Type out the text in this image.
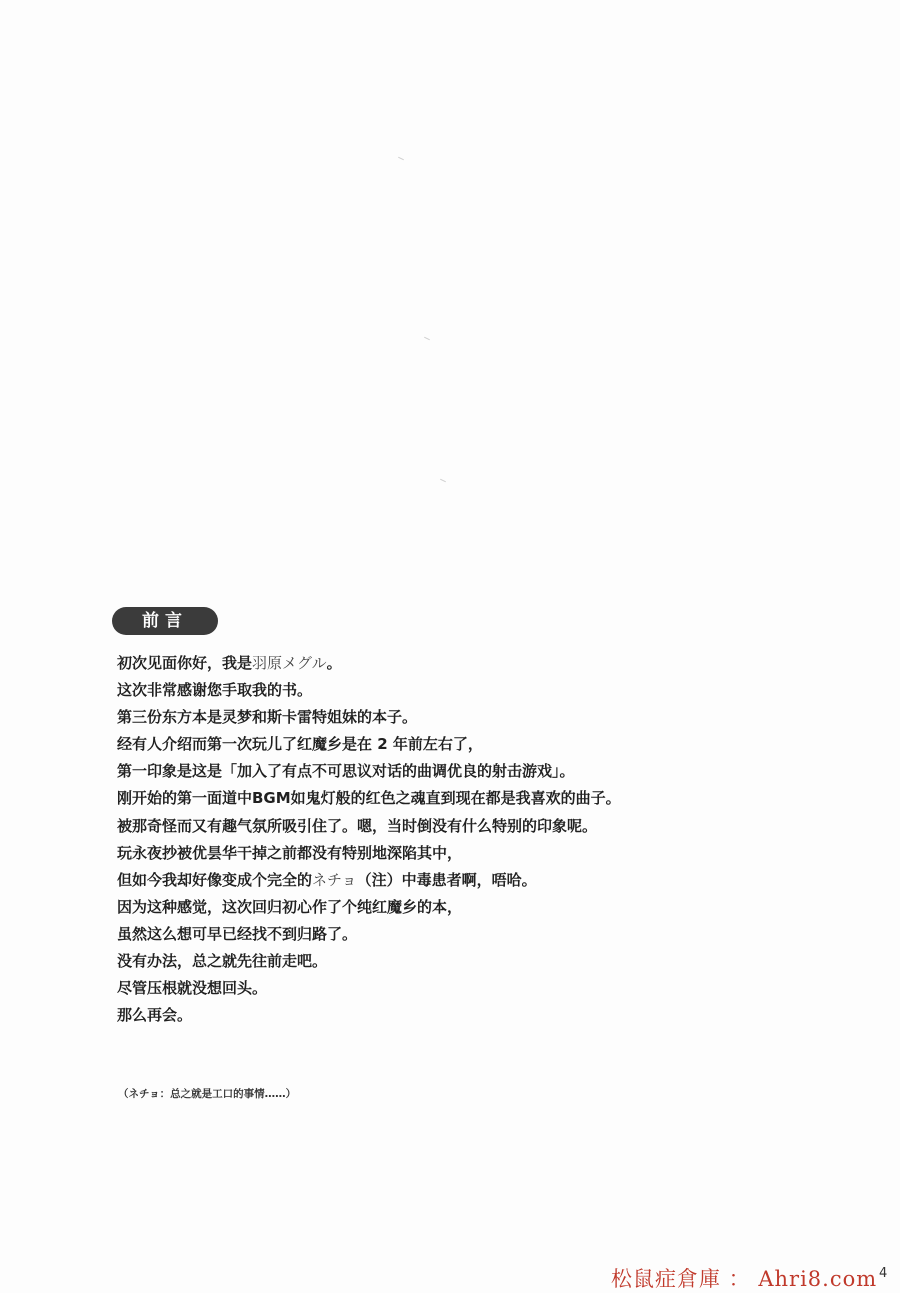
前言
初次见面你好，我是羽原メグル。
这次非常感谢您手取我的书。
第三份东方本是灵梦和斯卡雷特姐妹的本子。
经有人介绍而第一次玩儿了红魔乡是在 2 年前左右了，
第一印象是这是「加入了有点不可思议对话的曲调优良的射击游戏」。
刚开始的第一面道中BGM如鬼灯般的红色之魂直到现在都是我喜欢的曲子。
被那奇怪而又有趣气氛所吸引住了。嗯，当时倒没有什么特别的印象呢。
玩永夜抄被优昙华干掉之前都没有特别地深陷其中，
但如今我却好像变成个完全的ネチョ（注）中毒患者啊，唔哈。
因为这种感觉，这次回归初心作了个纯红魔乡的本，
虽然这么想可早已经找不到归路了。
没有办法，总之就先往前走吧。
尽管压根就没想回头。
那么再会。
（ネチョ：总之就是工口的事情……）
松鼠症倉庫 ： Ahri8.com 4
